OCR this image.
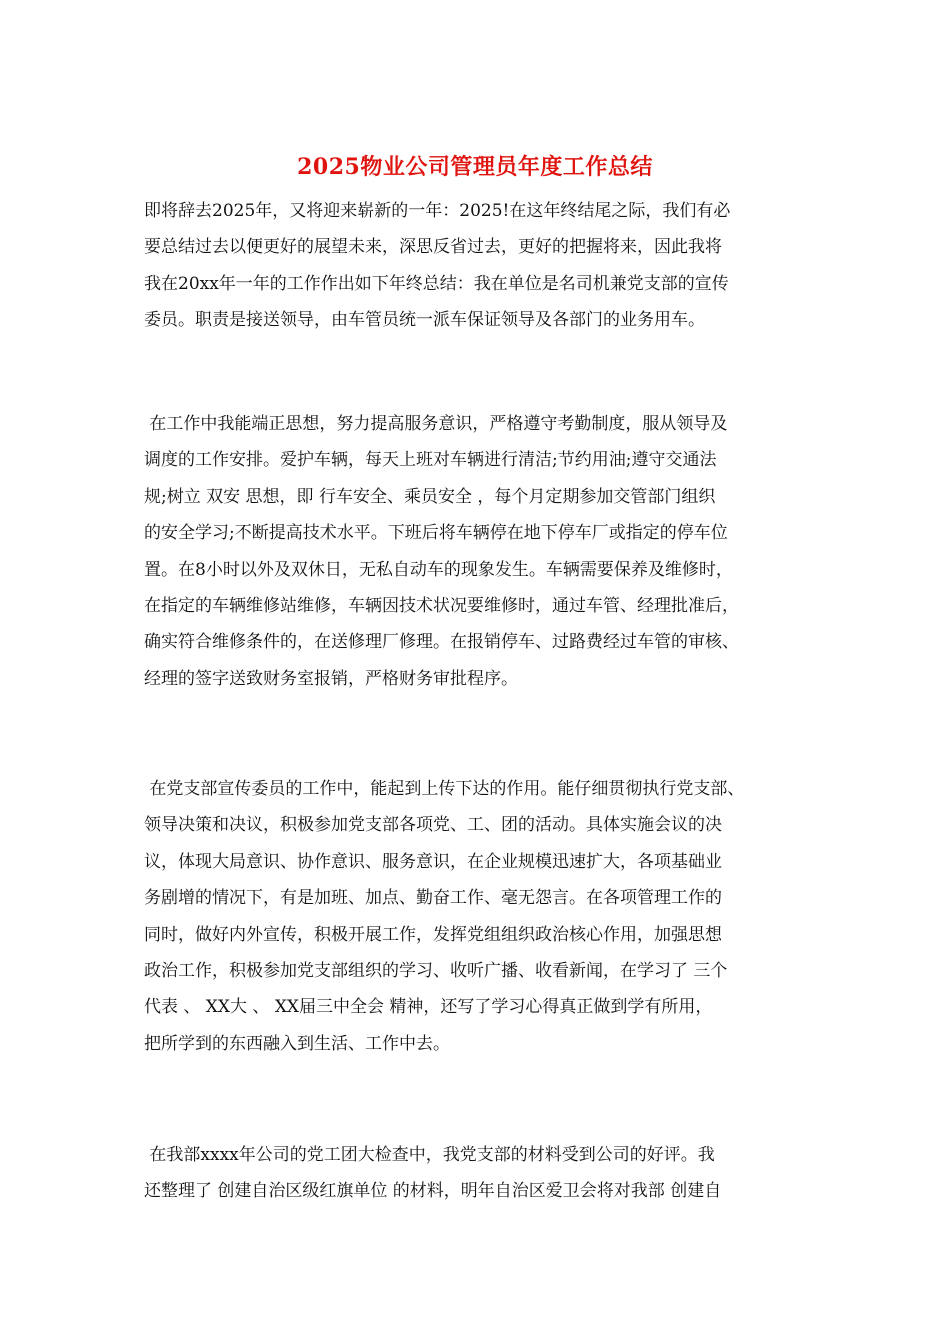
2025物业公司管理员年度工作总结
即将辞去2025年，又将迎来崭新的一年：2025!在这年终结尾之际，我们有必
要总结过去以便更好的展望未来，深思反省过去，更好的把握将来，因此我将
我在20xx年一年的工作作出如下年终总结：我在单位是名司机兼党支部的宣传
委员。职责是接送领导，由车管员统一派车保证领导及各部门的业务用车。
在工作中我能端正思想，努力提高服务意识，严格遵守考勤制度，服从领导及
调度的工作安排。爱护车辆，每天上班对车辆进行清洁;节约用油;遵守交通法
规;树立 双安 思想，即 行车安全、乘员安全 ，每个月定期参加交管部门组织
的安全学习;不断提高技术水平。下班后将车辆停在地下停车厂或指定的停车位
置。在8小时以外及双休日，无私自动车的现象发生。车辆需要保养及维修时，
在指定的车辆维修站维修，车辆因技术状况要维修时，通过车管、经理批准后，
确实符合维修条件的，在送修理厂修理。在报销停车、过路费经过车管的审核、
经理的签字送致财务室报销，严格财务审批程序。
在党支部宣传委员的工作中，能起到上传下达的作用。能仔细贯彻执行党支部、
领导决策和决议，积极参加党支部各项党、工、团的活动。具体实施会议的决
议，体现大局意识、协作意识、服务意识，在企业规模迅速扩大，各项基础业
务剧增的情况下，有是加班、加点、勤奋工作、毫无怨言。在各项管理工作的
同时，做好内外宣传，积极开展工作，发挥党组组织政治核心作用，加强思想
政治工作，积极参加党支部组织的学习、收听广播、收看新闻，在学习了 三个
代表 、 XX大 、 XX届三中全会 精神，还写了学习心得真正做到学有所用，
把所学到的东西融入到生活、工作中去。
在我部xxxx年公司的党工团大检查中，我党支部的材料受到公司的好评。我
还整理了 创建自治区级红旗单位 的材料，明年自治区爱卫会将对我部 创建自
